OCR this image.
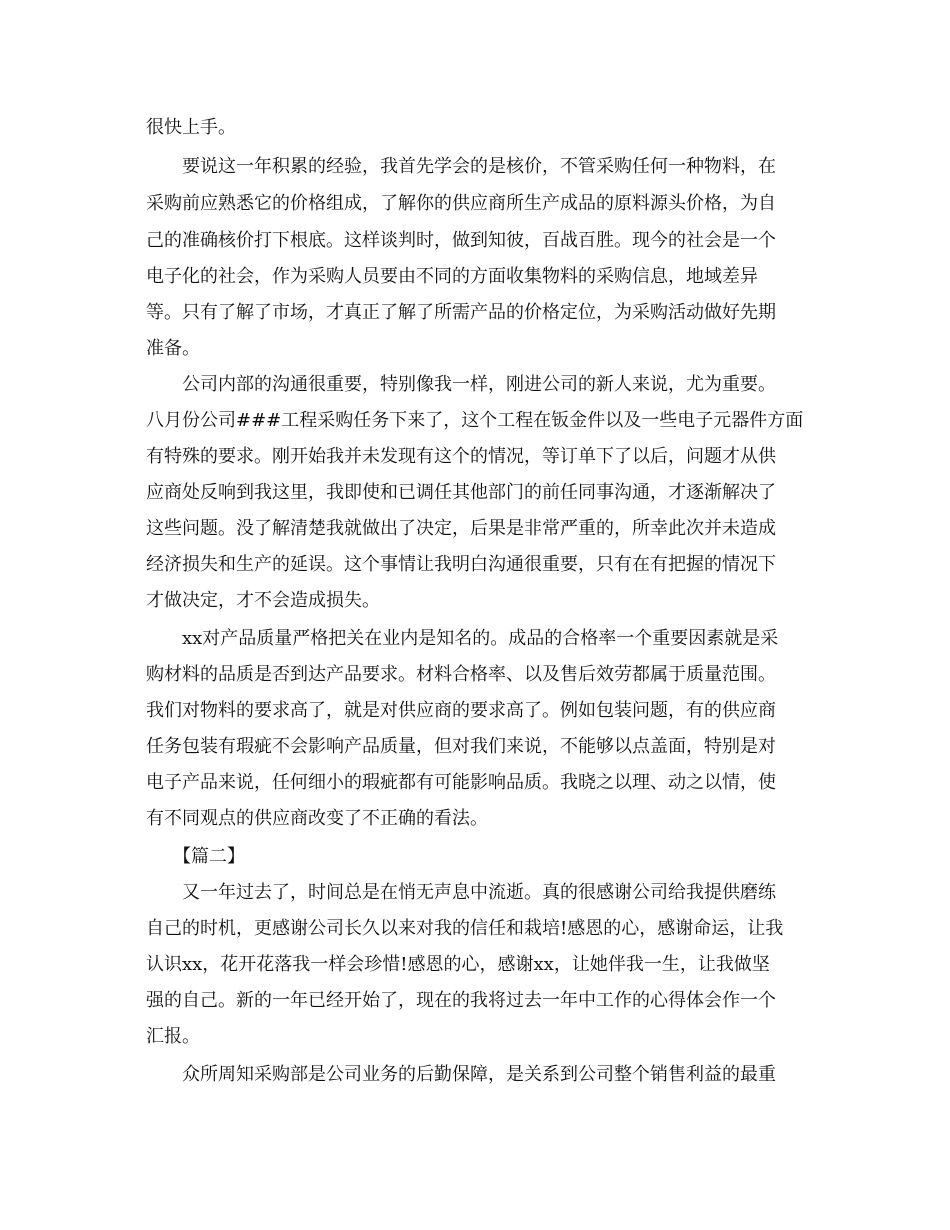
很快上手。
要说这一年积累的经验，我首先学会的是核价，不管采购任何一种物料，在
采购前应熟悉它的价格组成，了解你的供应商所生产成品的原料源头价格，为自
己的准确核价打下根底。这样谈判时，做到知彼，百战百胜。现今的社会是一个
电子化的社会，作为采购人员要由不同的方面收集物料的采购信息，地域差异
等。只有了解了市场，才真正了解了所需产品的价格定位，为采购活动做好先期
准备。
公司内部的沟通很重要，特别像我一样，刚进公司的新人来说，尤为重要。
八月份公司###工程采购任务下来了，这个工程在钣金件以及一些电子元器件方面
有特殊的要求。刚开始我并未发现有这个的情况，等订单下了以后，问题才从供
应商处反响到我这里，我即使和已调任其他部门的前任同事沟通，才逐渐解决了
这些问题。没了解清楚我就做出了决定，后果是非常严重的，所幸此次并未造成
经济损失和生产的延误。这个事情让我明白沟通很重要，只有在有把握的情况下
才做决定，才不会造成损失。
xx对产品质量严格把关在业内是知名的。成品的合格率一个重要因素就是采
购材料的品质是否到达产品要求。材料合格率、以及售后效劳都属于质量范围。
我们对物料的要求高了，就是对供应商的要求高了。例如包装问题，有的供应商
任务包装有瑕疵不会影响产品质量，但对我们来说，不能够以点盖面，特别是对
电子产品来说，任何细小的瑕疵都有可能影响品质。我晓之以理、动之以情，使
有不同观点的供应商改变了不正确的看法。
【篇二】
又一年过去了，时间总是在悄无声息中流逝。真的很感谢公司给我提供磨练
自己的时机，更感谢公司长久以来对我的信任和栽培!感恩的心，感谢命运，让我
认识xx，花开花落我一样会珍惜!感恩的心，感谢xx，让她伴我一生，让我做坚
强的自己。新的一年已经开始了，现在的我将过去一年中工作的心得体会作一个
汇报。
众所周知采购部是公司业务的后勤保障，是关系到公司整个销售利益的最重
